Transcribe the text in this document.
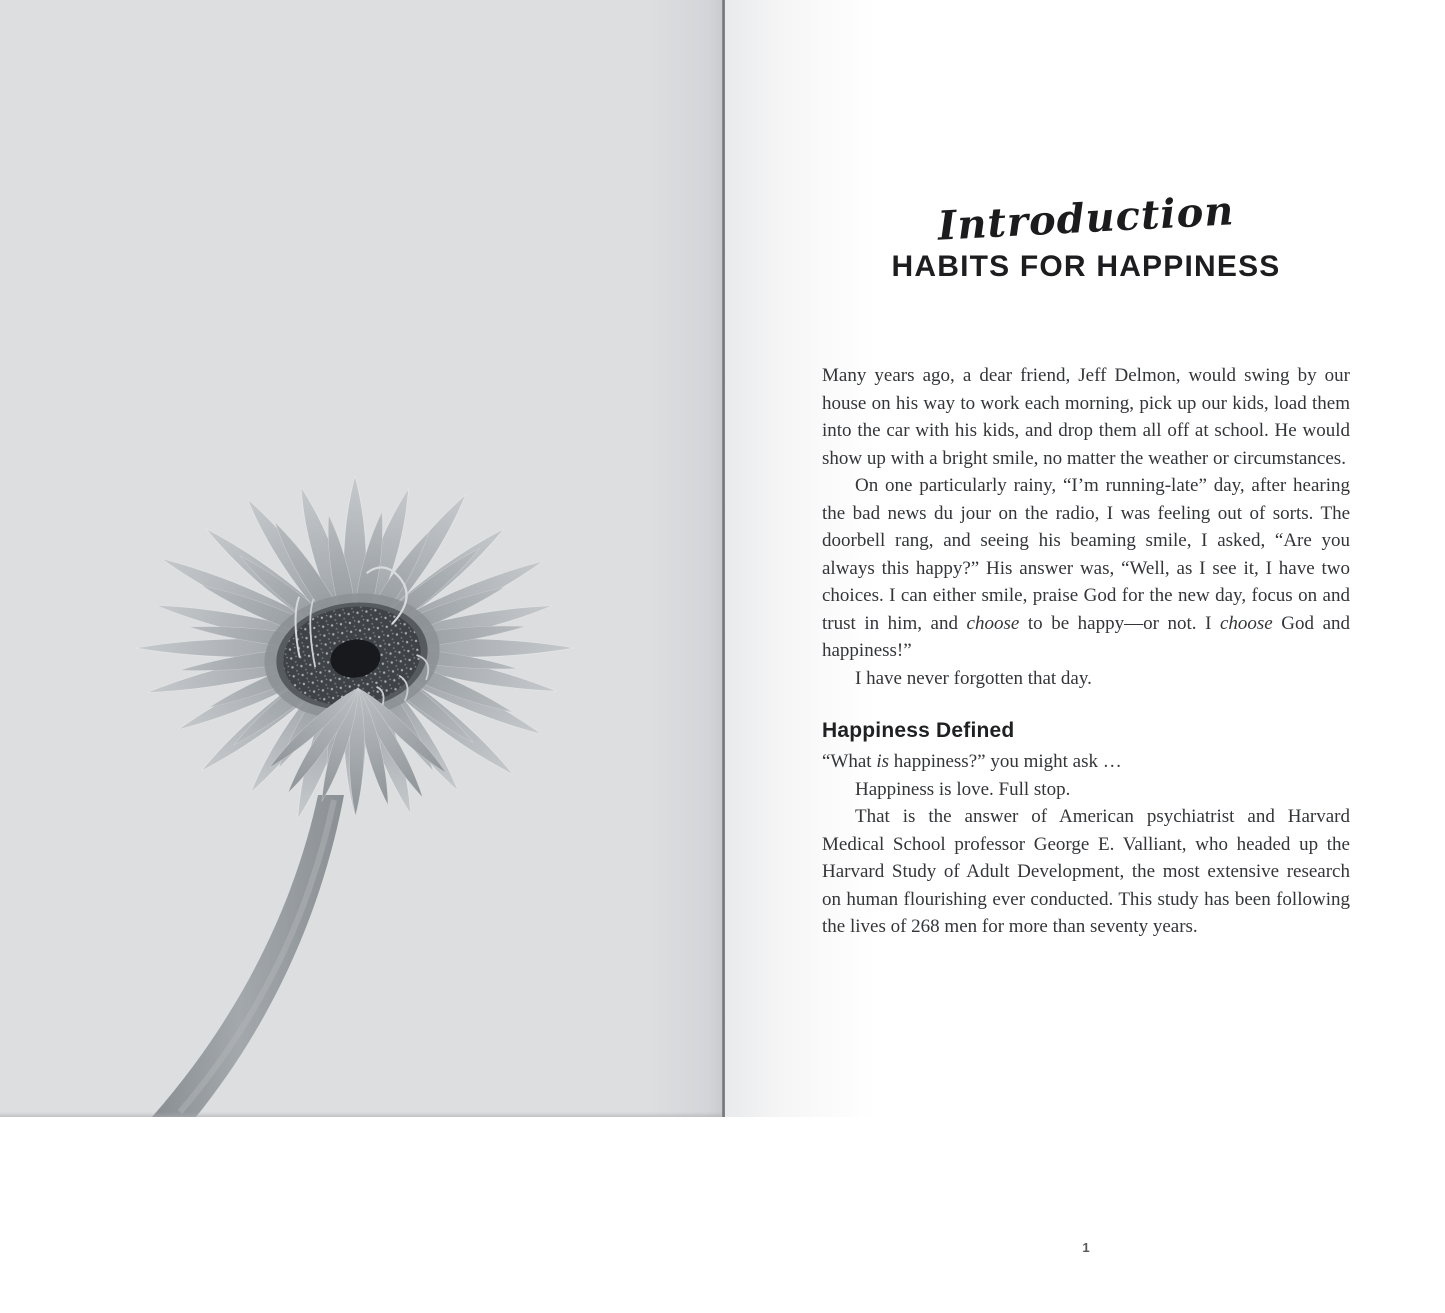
Introduction
HABITS FOR HAPPINESS

Many years ago, a dear friend, Jeff Delmon, would swing by our house on his way to work each morning, pick up our kids, load them into the car with his kids, and drop them all off at school. He would show up with a bright smile, no matter the weather or circumstances.

On one particularly rainy, “I’m running-late” day, after hearing the bad news du jour on the radio, I was feeling out of sorts. The doorbell rang, and seeing his beaming smile, I asked, “Are you always this happy?” His answer was, “Well, as I see it, I have two choices. I can either smile, praise God for the new day, focus on and trust in him, and choose to be happy—or not. I choose God and happiness!”

I have never forgotten that day.

Happiness Defined

“What is happiness?” you might ask …

Happiness is love. Full stop.

That is the answer of American psychiatrist and Harvard Medical School professor George E. Valliant, who headed up the Harvard Study of Adult Development, the most extensive research on human flourishing ever conducted. This study has been following the lives of 268 men for more than seventy years.

1
